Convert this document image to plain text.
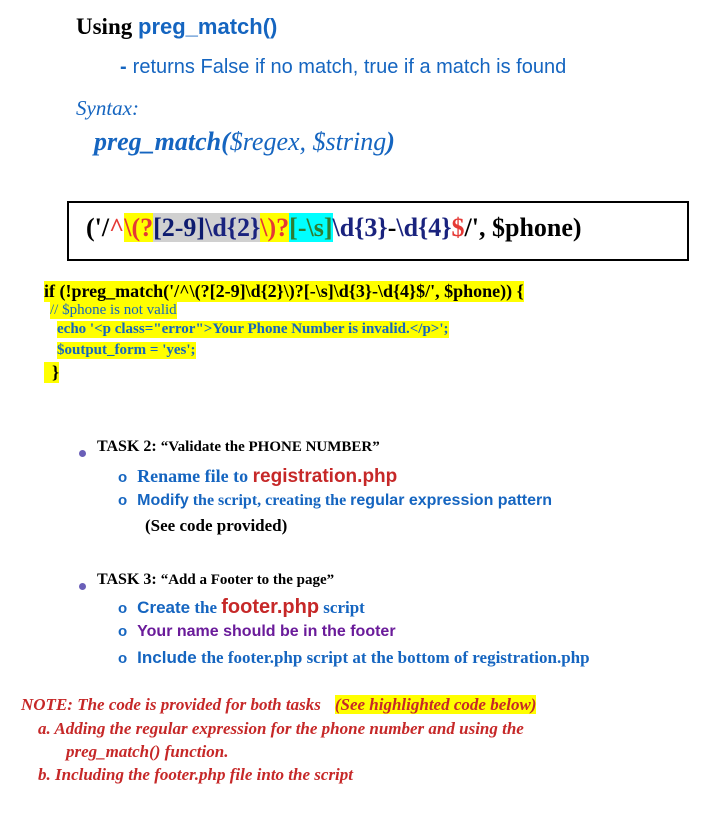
Using preg_match()
- returns False if no match, true if a match is found
Syntax:
preg_match($regex, $string)
('/^\(?[2-9]\d{2}\)?[-\s]\d{3}-\d{4}$/', $phone)
if (!preg_match('/^\(?[2-9]\d{2}\)?[-\s]\d{3}-\d{4}$/', $phone)) {
// $phone is not valid
echo '<p class="error">Your Phone Number is invalid.</p>';
$output_form = 'yes';
}
TASK 2: “Validate the PHONE NUMBER”
o Rename file to registration.php
o Modify the script, creating the regular expression pattern
(See code provided)
TASK 3: “Add a Footer to the page”
o Create the footer.php script
o Your name should be in the footer
o Include the footer.php script at the bottom of registration.php
NOTE: The code is provided for both tasks (See highlighted code below)
a. Adding the regular expression for the phone number and using the
preg_match() function.
b. Including the footer.php file into the script
